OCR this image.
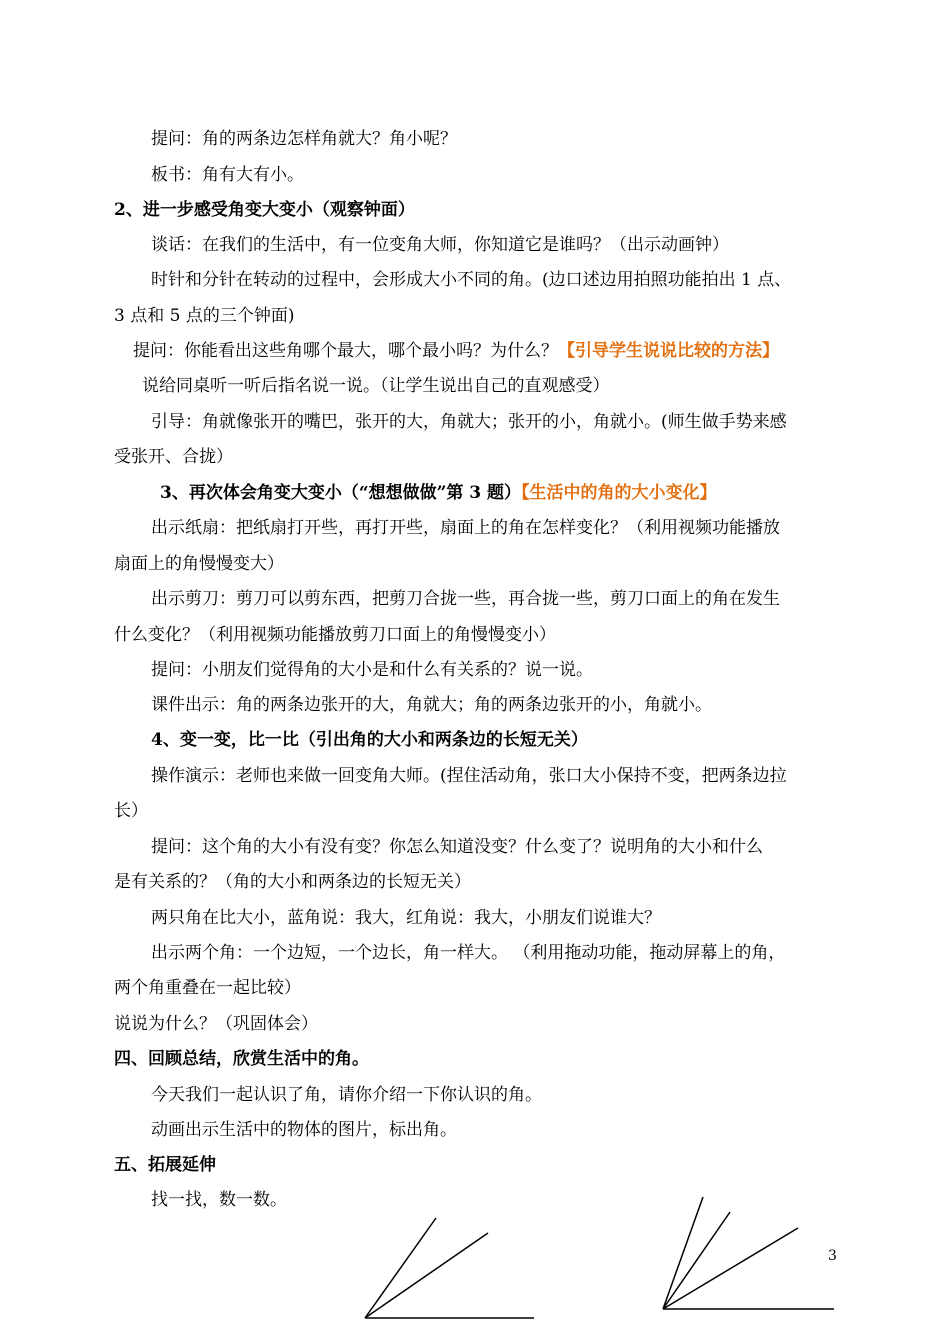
提问：角的两条边怎样角就大？角小呢？
板书：角有大有小。
2、进一步感受角变大变小（观察钟面）
谈话：在我们的生活中，有一位变角大师，你知道它是谁吗？（出示动画钟）
时针和分针在转动的过程中，会形成大小不同的角。(边口述边用拍照功能拍出 1 点、
3 点和 5 点的三个钟面)
提问：你能看出这些角哪个最大，哪个最小吗？为什么？【引导学生说说比较的方法】
说给同桌听一听后指名说一说。（让学生说出自己的直观感受）
引导：角就像张开的嘴巴，张开的大，角就大；张开的小，角就小。(师生做手势来感
受张开、合拢）
3、再次体会角变大变小（“想想做做”第 3 题）【生活中的角的大小变化】
出示纸扇：把纸扇打开些，再打开些，扇面上的角在怎样变化？（利用视频功能播放
扇面上的角慢慢变大）
出示剪刀：剪刀可以剪东西，把剪刀合拢一些，再合拢一些，剪刀口面上的角在发生
什么变化？（利用视频功能播放剪刀口面上的角慢慢变小）
提问：小朋友们觉得角的大小是和什么有关系的？说一说。
课件出示：角的两条边张开的大，角就大；角的两条边张开的小，角就小。
4、变一变，比一比（引出角的大小和两条边的长短无关）
操作演示：老师也来做一回变角大师。(捏住活动角，张口大小保持不变，把两条边拉
长）
提问：这个角的大小有没有变？你怎么知道没变？什么变了？说明角的大小和什么
是有关系的？（角的大小和两条边的长短无关）
两只角在比大小，蓝角说：我大，红角说：我大，小朋友们说谁大？
出示两个角：一个边短，一个边长，角一样大。 （利用拖动功能，拖动屏幕上的角，
两个角重叠在一起比较）
说说为什么？（巩固体会）
四、回顾总结，欣赏生活中的角。
今天我们一起认识了角，请你介绍一下你认识的角。
动画出示生活中的物体的图片，标出角。
五、拓展延伸
找一找，数一数。
3
